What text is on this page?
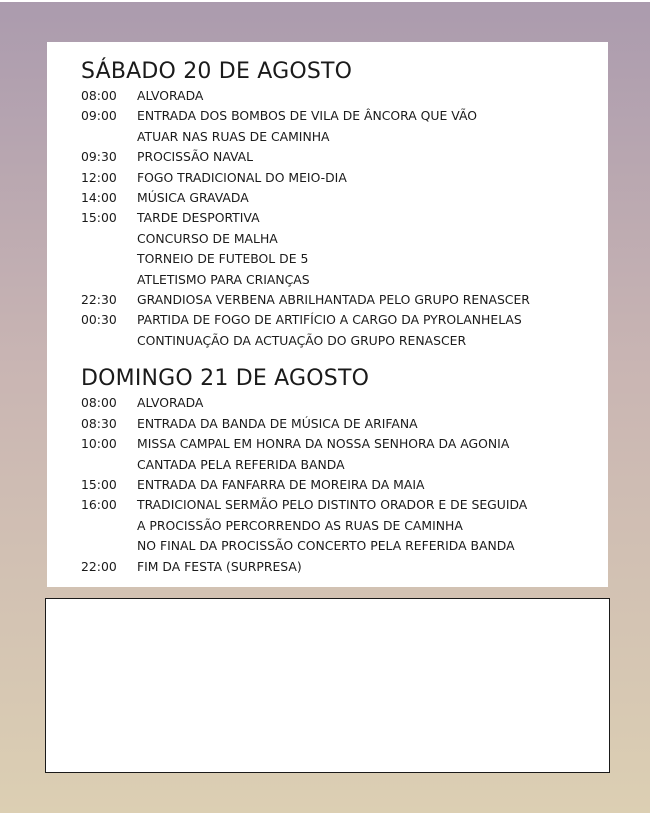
SÁBADO 20 DE AGOSTO
08:00	ALVORADA
09:00	ENTRADA DOS BOMBOS DE VILA DE ÂNCORA QUE VÃO
ATUAR NAS RUAS DE CAMINHA
09:30	PROCISSÃO NAVAL
12:00	FOGO TRADICIONAL DO MEIO-DIA
14:00	MÚSICA GRAVADA
15:00	TARDE DESPORTIVA
CONCURSO DE MALHA
TORNEIO DE FUTEBOL DE 5
ATLETISMO PARA CRIANÇAS
22:30	GRANDIOSA VERBENA ABRILHANTADA PELO GRUPO RENASCER
00:30	PARTIDA DE FOGO DE ARTIFÍCIO A CARGO DA PYROLANHELAS
CONTINUAÇÃO DA ACTUAÇÃO DO GRUPO RENASCER
DOMINGO 21 DE AGOSTO
08:00	ALVORADA
08:30	ENTRADA DA BANDA DE MÚSICA DE ARIFANA
10:00	MISSA CAMPAL EM HONRA DA NOSSA SENHORA DA AGONIA
CANTADA PELA REFERIDA BANDA
15:00	ENTRADA DA FANFARRA DE MOREIRA DA MAIA
16:00	TRADICIONAL SERMÃO PELO DISTINTO ORADOR E DE SEGUIDA
A PROCISSÃO PERCORRENDO AS RUAS DE CAMINHA
NO FINAL DA PROCISSÃO CONCERTO PELA REFERIDA BANDA
22:00	FIM DA FESTA (SURPRESA)
